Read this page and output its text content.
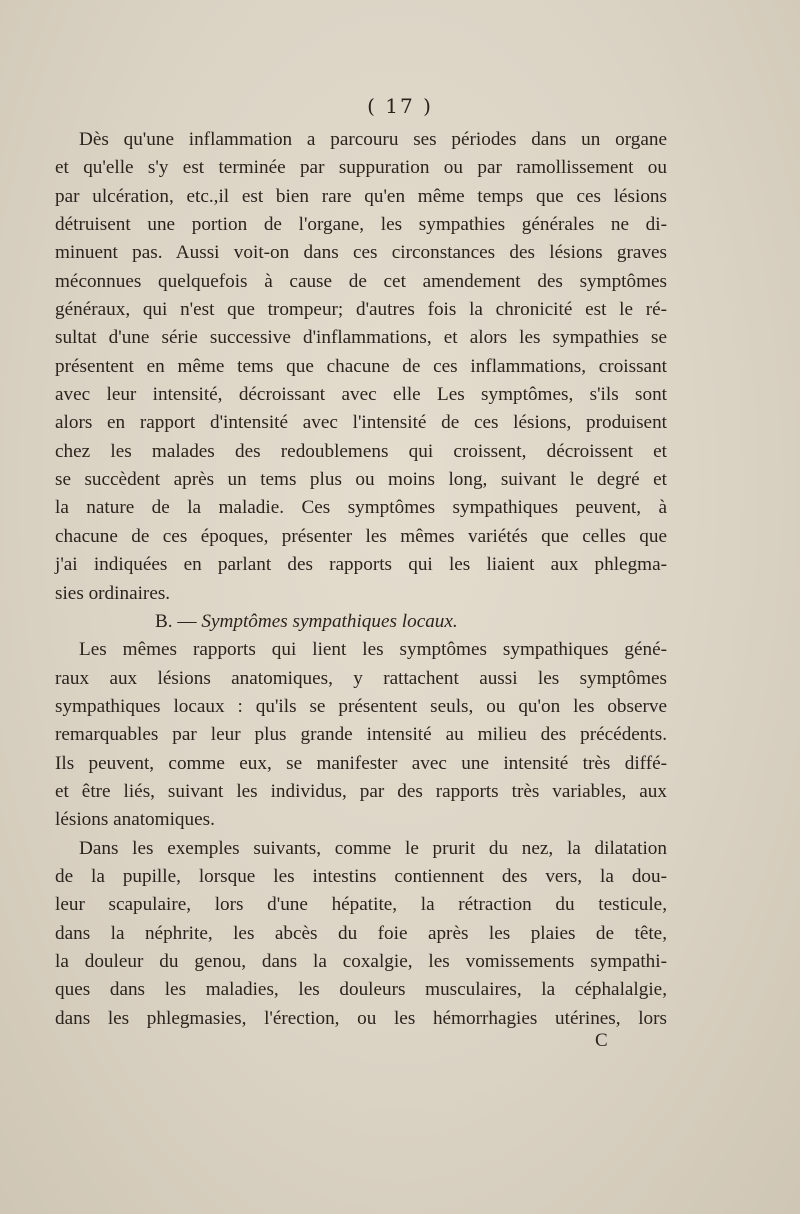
( 17 )
Dès qu'une inflammation a parcouru ses périodes dans un organe
et qu'elle s'y est terminée par suppuration ou par ramollissement ou
par ulcération, etc.,il est bien rare qu'en même temps que ces lésions
détruisent une portion de l'organe, les sympathies générales ne di-
minuent pas. Aussi voit-on dans ces circonstances des lésions graves
méconnues quelquefois à cause de cet amendement des symptômes
généraux, qui n'est que trompeur; d'autres fois la chronicité est le ré-
sultat d'une série successive d'inflammations, et alors les sympathies se
présentent en même tems que chacune de ces inflammations, croissant
avec leur intensité, décroissant avec elle Les symptômes, s'ils sont
alors en rapport d'intensité avec l'intensité de ces lésions, produisent
chez les malades des redoublemens qui croissent, décroissent et
se succèdent après un tems plus ou moins long, suivant le degré et
la nature de la maladie. Ces symptômes sympathiques peuvent, à
chacune de ces époques, présenter les mêmes variétés que celles que
j'ai indiquées en parlant des rapports qui les liaient aux phlegma-
sies ordinaires.
B. — Symptômes sympathiques locaux.
Les mêmes rapports qui lient les symptômes sympathiques géné-
raux aux lésions anatomiques, y rattachent aussi les symptômes
sympathiques locaux : qu'ils se présentent seuls, ou qu'on les observe
remarquables par leur plus grande intensité au milieu des précédents.
Ils peuvent, comme eux, se manifester avec une intensité très diffé-
et être liés, suivant les individus, par des rapports très variables, aux
lésions anatomiques.
Dans les exemples suivants, comme le prurit du nez, la dilatation
de la pupille, lorsque les intestins contiennent des vers, la dou-
leur scapulaire, lors d'une hépatite, la rétraction du testicule,
dans la néphrite, les abcès du foie après les plaies de tête,
la douleur du genou, dans la coxalgie, les vomissements sympathi-
ques dans les maladies, les douleurs musculaires, la céphalalgie,
dans les phlegmasies, l'érection, ou les hémorrhagies utérines, lors
C
